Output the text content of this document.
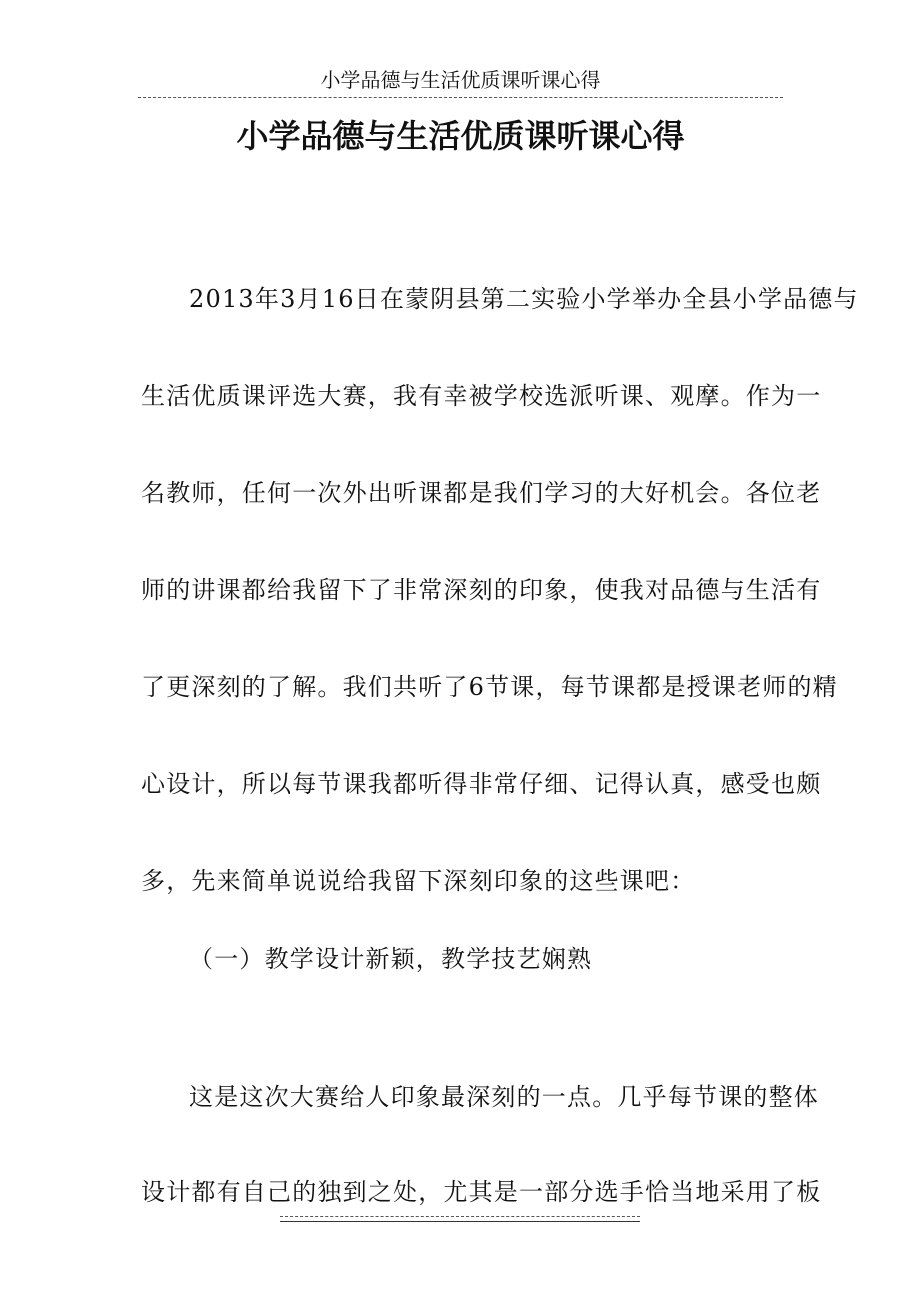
小学品德与生活优质课听课心得
小学品德与生活优质课听课心得
2013年3月16日在蒙阴县第二实验小学举办全县小学品德与
生活优质课评选大赛，我有幸被学校选派听课、观摩。作为一
名教师，任何一次外出听课都是我们学习的大好机会。各位老
师的讲课都给我留下了非常深刻的印象，使我对品德与生活有
了更深刻的了解。我们共听了6节课，每节课都是授课老师的精
心设计，所以每节课我都听得非常仔细、记得认真，感受也颇
多，先来简单说说给我留下深刻印象的这些课吧：
（一）教学设计新颖，教学技艺娴熟
这是这次大赛给人印象最深刻的一点。几乎每节课的整体
设计都有自己的独到之处，尤其是一部分选手恰当地采用了板
